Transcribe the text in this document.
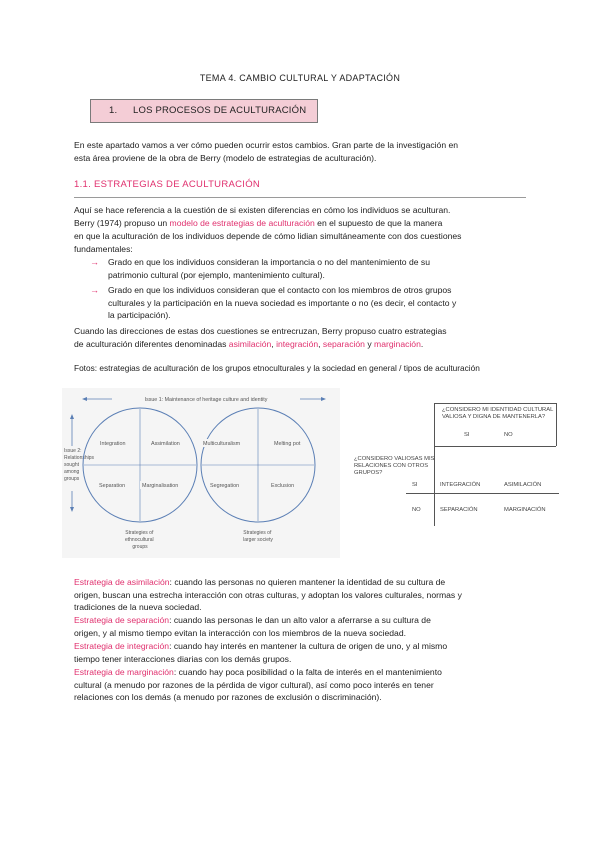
TEMA 4. CAMBIO CULTURAL Y ADAPTACIÓN
1. LOS PROCESOS DE ACULTURACIÓN
En este apartado vamos a ver cómo pueden ocurrir estos cambios. Gran parte de la investigación en
esta área proviene de la obra de Berry (modelo de estrategias de aculturación).
1.1. ESTRATEGIAS DE ACULTURACIÓN
Aquí se hace referencia a la cuestión de si existen diferencias en cómo los individuos se aculturan.
Berry (1974) propuso un modelo de estrategias de aculturación en el supuesto de que la manera
en que la aculturación de los individuos depende de cómo lidian simultáneamente con dos cuestiones
fundamentales:
→ Grado en que los individuos consideran la importancia o no del mantenimiento de su
patrimonio cultural (por ejemplo, mantenimiento cultural).
→ Grado en que los individuos consideran que el contacto con los miembros de otros grupos
culturales y la participación en la nueva sociedad es importante o no (es decir, el contacto y
la participación).
Cuando las direcciones de estas dos cuestiones se entrecruzan, Berry propuso cuatro estrategias
de aculturación diferentes denominadas asimilación, integración, separación y marginación.
Fotos: estrategias de aculturación de los grupos etnoculturales y la sociedad en general / tipos de aculturación
Issue 1: Maintenance of heritage culture and identity
Issue 2: Relationships sought among groups
Integration	Assimilation
Separation	Marginalisation
Multiculturalism	Melting pot
Segregation	Exclusion
Strategies of ethnocultural groups
Strategies of larger society
¿CONSIDERO MI IDENTIDAD CULTURAL
VALIOSA Y DIGNA DE MANTENERLA?
SI	NO
¿CONSIDERO VALIOSAS MIS
RELACIONES CON OTROS
GRUPOS?
SI	INTEGRACIÓN	ASIMILACIÓN
NO	SEPARACIÓN	MARGINACIÓN
Estrategia de asimilación: cuando las personas no quieren mantener la identidad de su cultura de
origen, buscan una estrecha interacción con otras culturas, y adoptan los valores culturales, normas y
tradiciones de la nueva sociedad.
Estrategia de separación: cuando las personas le dan un alto valor a aferrarse a su cultura de
origen, y al mismo tiempo evitan la interacción con los miembros de la nueva sociedad.
Estrategia de integración: cuando hay interés en mantener la cultura de origen de uno, y al mismo
tiempo tener interacciones diarias con los demás grupos.
Estrategia de marginación: cuando hay poca posibilidad o la falta de interés en el mantenimiento
cultural (a menudo por razones de la pérdida de vigor cultural), así como poco interés en tener
relaciones con los demás (a menudo por razones de exclusión o discriminación).
